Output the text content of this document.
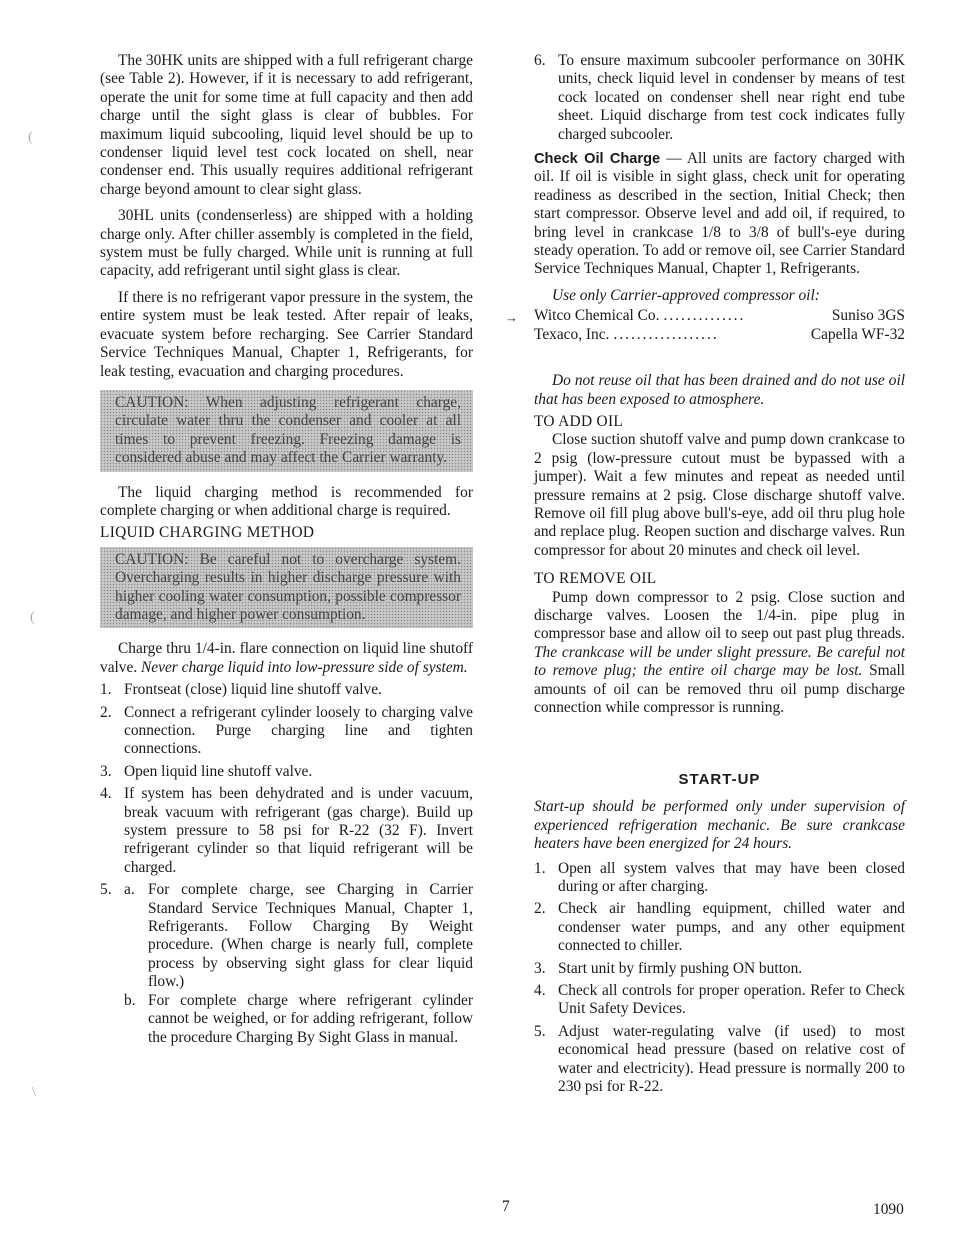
(
(
\

The 30HK units are shipped with a full refrigerant charge (see Table 2). However, if it is necessary to add refrigerant, operate the unit for some time at full capacity and then add charge until the sight glass is clear of bubbles. For maximum liquid subcooling, liquid level should be up to condenser liquid level test cock located on shell, near condenser end. This usually requires additional refrigerant charge beyond amount to clear sight glass.

30HL units (condenserless) are shipped with a holding charge only. After chiller assembly is completed in the field, system must be fully charged. While unit is running at full capacity, add refrigerant until sight glass is clear.

If there is no refrigerant vapor pressure in the system, the entire system must be leak tested. After repair of leaks, evacuate system before recharging. See Carrier Standard Service Techniques Manual, Chapter 1, Refrigerants, for leak testing, evacuation and charging procedures.

CAUTION: When adjusting refrigerant charge, circulate water thru the condenser and cooler at all times to prevent freezing. Freezing damage is considered abuse and may affect the Carrier warranty.

The liquid charging method is recommended for complete charging or when additional charge is required.

LIQUID CHARGING METHOD
CAUTION: Be careful not to overcharge system. Overcharging results in higher discharge pressure with higher cooling water consumption, possible compressor damage, and higher power consumption.

Charge thru 1/4-in. flare connection on liquid line shutoff valve. Never charge liquid into low-pressure side of system.

1. Frontseat (close) liquid line shutoff valve.
2. Connect a refrigerant cylinder loosely to charging valve connection. Purge charging line and tighten connections.
3. Open liquid line shutoff valve.
4. If system has been dehydrated and is under vacuum, break vacuum with refrigerant (gas charge). Build up system pressure to 58 psi for R-22 (32 F). Invert refrigerant cylinder so that liquid refrigerant will be charged.
5. a. For complete charge, see Charging in Carrier Standard Service Techniques Manual, Chapter 1, Refrigerants. Follow Charging By Weight procedure. (When charge is nearly full, complete process by observing sight glass for clear liquid flow.)
b. For complete charge where refrigerant cylinder cannot be weighed, or for adding refrigerant, follow the procedure Charging By Sight Glass in manual.
6. To ensure maximum subcooler performance on 30HK units, check liquid level in condenser by means of test cock located on condenser shell near right end tube sheet. Liquid discharge from test cock indicates fully charged subcooler.

Check Oil Charge — All units are factory charged with oil. If oil is visible in sight glass, check unit for operating readiness as described in the section, Initial Check; then start compressor. Observe level and add oil, if required, to bring level in crankcase 1/8 to 3/8 of bull's-eye during steady operation. To add or remove oil, see Carrier Standard Service Techniques Manual, Chapter 1, Refrigerants.

Use only Carrier-approved compressor oil:

Witco Chemical Co. ..............	Suniso 3GS
Texaco, Inc. ..................	Capella WF-32

Do not reuse oil that has been drained and do not use oil that has been exposed to atmosphere.

TO ADD OIL

Close suction shutoff valve and pump down crankcase to 2 psig (low-pressure cutout must be bypassed with a jumper). Wait a few minutes and repeat as needed until pressure remains at 2 psig. Close discharge shutoff valve. Remove oil fill plug above bull's-eye, add oil thru plug hole and replace plug. Reopen suction and discharge valves. Run compressor for about 20 minutes and check oil level.

TO REMOVE OIL

Pump down compressor to 2 psig. Close suction and discharge valves. Loosen the 1/4-in. pipe plug in compressor base and allow oil to seep out past plug threads. The crankcase will be under slight pressure. Be careful not to remove plug; the entire oil charge may be lost. Small amounts of oil can be removed thru oil pump discharge connection while compressor is running.

START-UP

Start-up should be performed only under supervision of experienced refrigeration mechanic. Be sure crankcase heaters have been energized for 24 hours.

1. Open all system valves that may have been closed during or after charging.
2. Check air handling equipment, chilled water and condenser water pumps, and any other equipment connected to chiller.
3. Start unit by firmly pushing ON button.
4. Check all controls for proper operation. Refer to Check Unit Safety Devices.
5. Adjust water-regulating valve (if used) to most economical head pressure (based on relative cost of water and electricity). Head pressure is normally 200 to 230 psi for R-22.
→
7	1090
